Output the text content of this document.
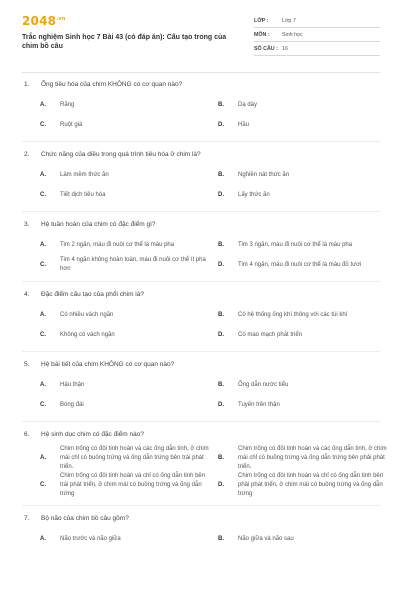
$2048^{.vn}$
Trắc nghiệm Sinh học 7 Bài 43 (có đáp án): Cấu tạo trong của chim bồ câu
LỚP :	Lớp 7
MÔN :	Sinh học
SỐ CÂU : 16
1.	Ống tiêu hóa của chim KHÔNG có cơ quan nào?
A.	Răng	B.	Dạ dày
C.	Ruột già	D.	Hầu
2.	Chức năng của diều trong quá trình tiêu hóa ở chim là?
A.	Làm mềm thức ăn	B.	Nghiền nát thức ăn
C.	Tiết dịch tiêu hóa	D.	Lấy thức ăn
3.	Hệ tuần hoàn của chim có đặc điểm gì?
A.	Tim 2 ngăn, máu đi nuôi cơ thể là máu pha	B.	Tim 3 ngăn, máu đi nuôi cơ thể là máu pha
C.
Tim 4 ngăn không hoàn toàn, máu đi nuôi cơ thể ít pha hơn
D.	Tim 4 ngăn, máu đi nuôi cơ thể là máu đỏ tươi
4.	Đặc điểm cấu tạo của phổi chim là?
A.	Có nhiều vách ngăn	B.	Có hệ thống ống khí thông với các túi khí
C.	Không có vách ngăn	D.	Có mao mạch phát triển
5.	Hệ bài tiết của chim KHÔNG có cơ quan nào?
A.	Hậu thận	B.	Ống dẫn nước tiểu
C.	Bóng đái	D.	Tuyến trên thận
6.	Hệ sinh dục chim có đặc điểm nào?
A.
Chim trống có đôi tinh hoàn và các ống dẫn tinh, ở chim mái chỉ có buồng trứng và ống dẫn trứng bên trái phát triển.
B.
Chim trống có đôi tinh hoàn và các ống dẫn tinh, ở chim mái chỉ có buồng trứng và ống dẫn trứng bên phải phát triển.
C.
Chim trống có đôi tinh hoàn và chỉ có ống dẫn tinh bên trái phát triển, ở chim mái có buồng trứng và ống dẫn trứng
D.
Chim trống có đôi tinh hoàn và chỉ có ống dẫn tinh bên phải phát triển, ở chim mái có buồng trứng và ống dẫn trứng
7.	Bộ não của chim bồ câu gồm?
A.	Não trước và não giữa	B.	Não giữa và não sau
